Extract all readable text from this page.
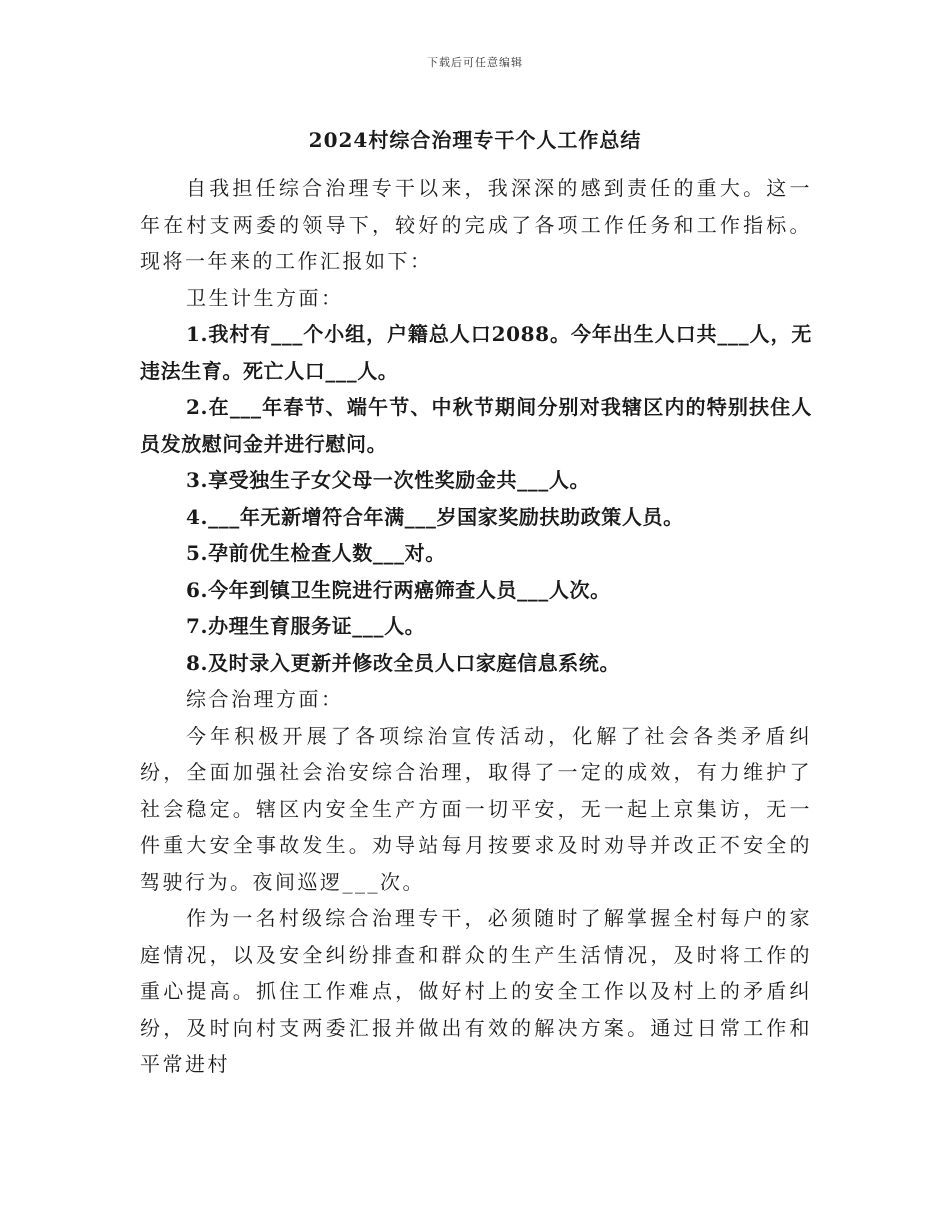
下载后可任意编辑
2024村综合治理专干个人工作总结

自我担任综合治理专干以来，我深深的感到责任的重大。这一年在村支两委的领导下，较好的完成了各项工作任务和工作指标。现将一年来的工作汇报如下：

卫生计生方面：

1.我村有___个小组，户籍总人口2088。今年出生人口共___人，无违法生育。死亡人口___人。

2.在___年春节、端午节、中秋节期间分别对我辖区内的特别扶住人员发放慰问金并进行慰问。

3.享受独生子女父母一次性奖励金共___人。

4.___年无新增符合年满___岁国家奖励扶助政策人员。

5.孕前优生检查人数___对。

6.今年到镇卫生院进行两癌筛查人员___人次。

7.办理生育服务证___人。

8.及时录入更新并修改全员人口家庭信息系统。

综合治理方面：

今年积极开展了各项综治宣传活动，化解了社会各类矛盾纠纷，全面加强社会治安综合治理，取得了一定的成效，有力维护了社会稳定。辖区内安全生产方面一切平安，无一起上京集访，无一件重大安全事故发生。劝导站每月按要求及时劝导并改正不安全的驾驶行为。夜间巡逻___次。

作为一名村级综合治理专干，必须随时了解掌握全村每户的家庭情况，以及安全纠纷排查和群众的生产生活情况，及时将工作的重心提高。抓住工作难点，做好村上的安全工作以及村上的矛盾纠纷，及时向村支两委汇报并做出有效的解决方案。通过日常工作和平常进村
